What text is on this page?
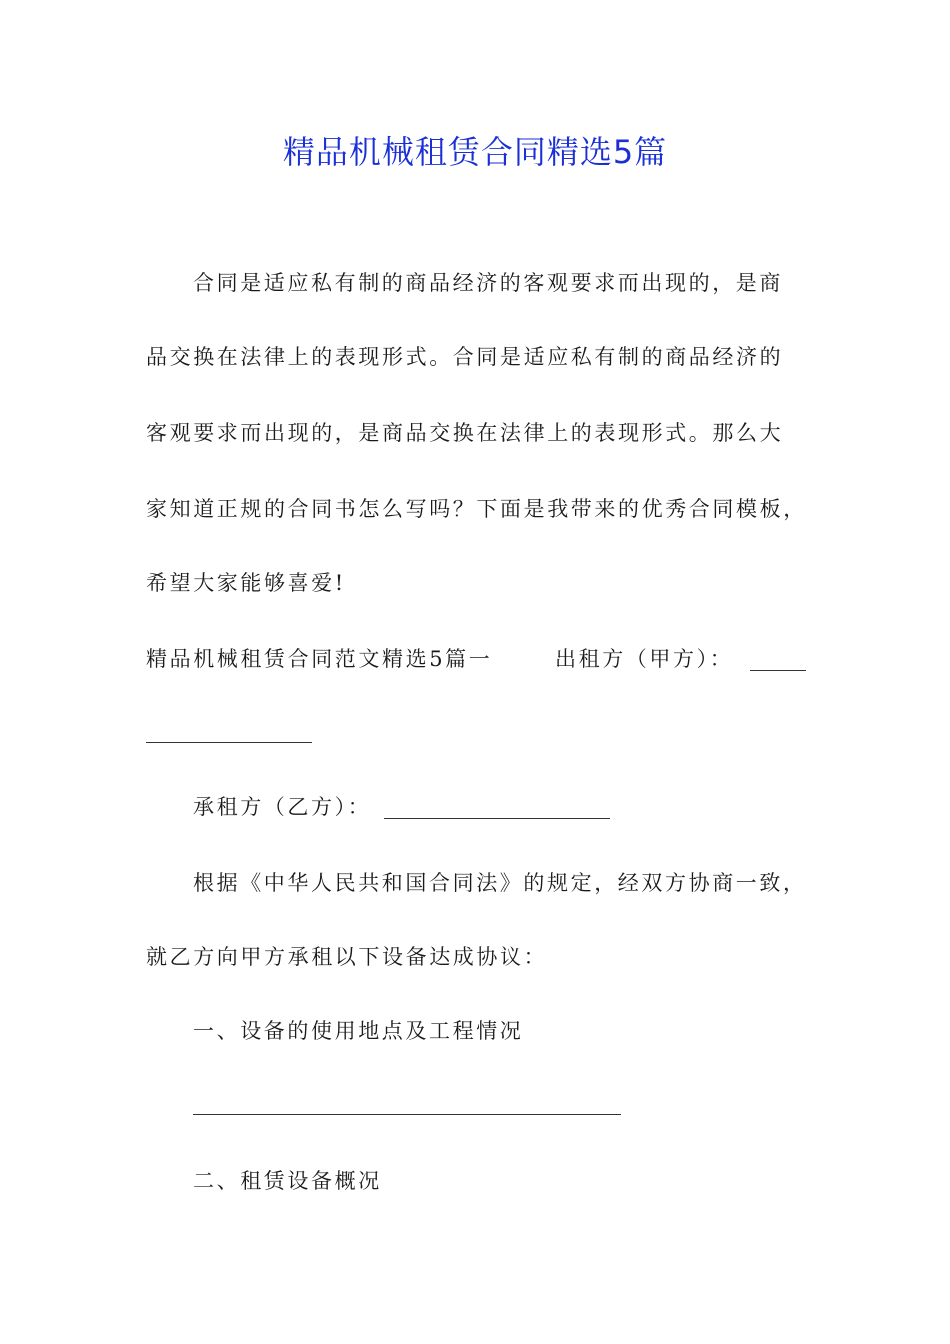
精品机械租赁合同精选5篇
合同是适应私有制的商品经济的客观要求而出现的，是商
品交换在法律上的表现形式。合同是适应私有制的商品经济的
客观要求而出现的，是商品交换在法律上的表现形式。那么大
家知道正规的合同书怎么写吗？下面是我带来的优秀合同模板，
希望大家能够喜爱!
精品机械租赁合同范文精选5篇一	出租方（甲方）：
承租方（乙方）：
根据《中华人民共和国合同法》的规定，经双方协商一致，
就乙方向甲方承租以下设备达成协议：
一、设备的使用地点及工程情况
二、租赁设备概况
